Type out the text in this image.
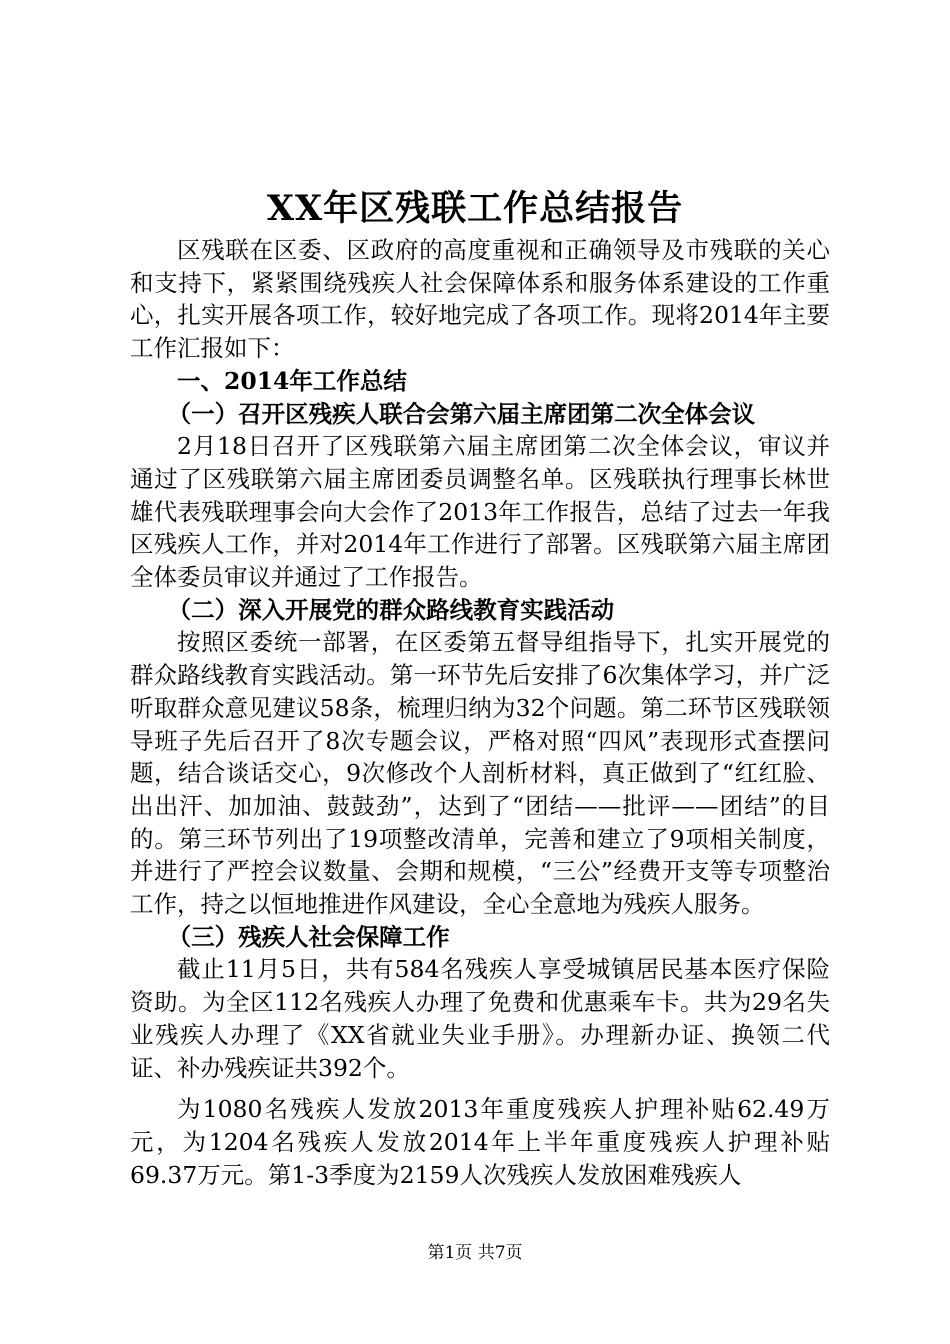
XX年区残联工作总结报告

区残联在区委、区政府的高度重视和正确领导及市残联的关心和支持下，紧紧围绕残疾人社会保障体系和服务体系建设的工作重心，扎实开展各项工作，较好地完成了各项工作。现将2014年主要工作汇报如下：

一、2014年工作总结

（一）召开区残疾人联合会第六届主席团第二次全体会议

2月18日召开了区残联第六届主席团第二次全体会议，审议并通过了区残联第六届主席团委员调整名单。区残联执行理事长林世雄代表残联理事会向大会作了2013年工作报告，总结了过去一年我区残疾人工作，并对2014年工作进行了部署。区残联第六届主席团全体委员审议并通过了工作报告。

（二）深入开展党的群众路线教育实践活动

按照区委统一部署，在区委第五督导组指导下，扎实开展党的群众路线教育实践活动。第一环节先后安排了6次集体学习，并广泛听取群众意见建议58条，梳理归纳为32个问题。第二环节区残联领导班子先后召开了8次专题会议，严格对照“四风”表现形式查摆问题，结合谈话交心，9次修改个人剖析材料，真正做到了“红红脸、出出汗、加加油、鼓鼓劲”，达到了“团结——批评——团结”的目的。第三环节列出了19项整改清单，完善和建立了9项相关制度，并进行了严控会议数量、会期和规模，“三公”经费开支等专项整治工作，持之以恒地推进作风建设，全心全意地为残疾人服务。

（三）残疾人社会保障工作

截止11月5日，共有584名残疾人享受城镇居民基本医疗保险资助。为全区112名残疾人办理了免费和优惠乘车卡。共为29名失业残疾人办理了《XX省就业失业手册》。办理新办证、换领二代证、补办残疾证共392个。

为1080名残疾人发放2013年重度残疾人护理补贴62.49万元，为1204名残疾人发放2014年上半年重度残疾人护理补贴69.37万元。第1-3季度为2159人次残疾人发放困难残疾人

第1页 共7页
